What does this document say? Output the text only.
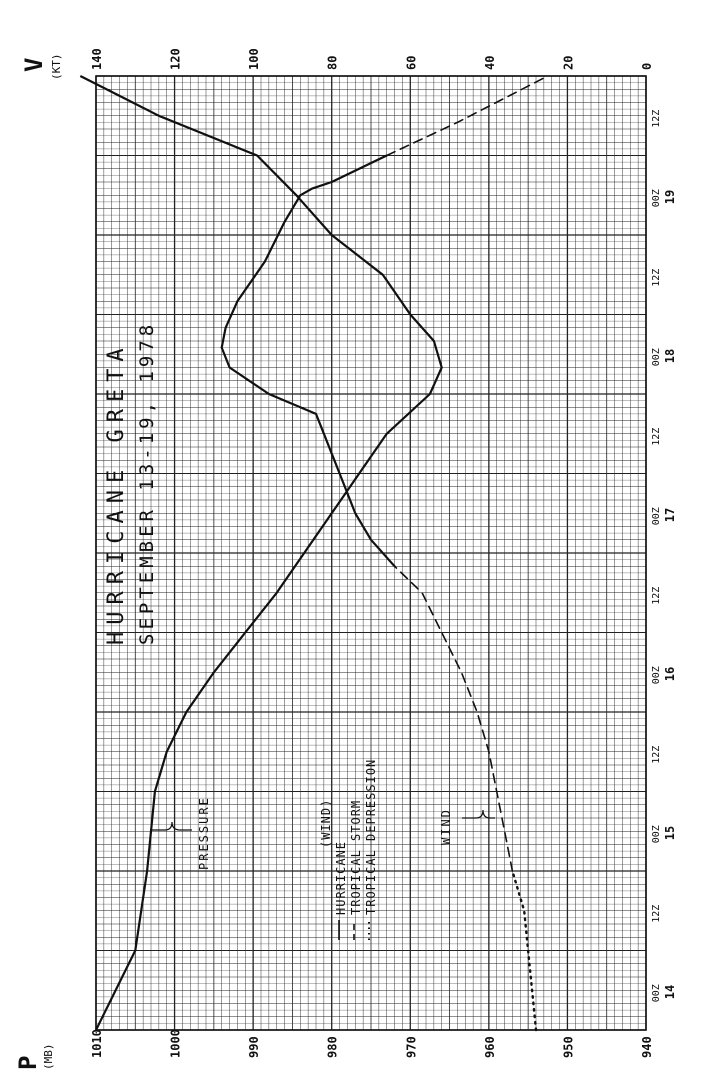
1010	1000	990	980	970	960	950	940
0
20
40
60
80
100
120
140
00Z 14
12Z
00Z 15
12Z
00Z 16
12Z
00Z 17
12Z
00Z 18
12Z
00Z 19
12Z
P (MB)
V (KT)
HURRICANE GRETA SEPTEMBER 13-19, 1978
PRESSURE	WIND
(WIND)
HURRICANE TROPICAL STORM TROPICAL DEPRESSION
